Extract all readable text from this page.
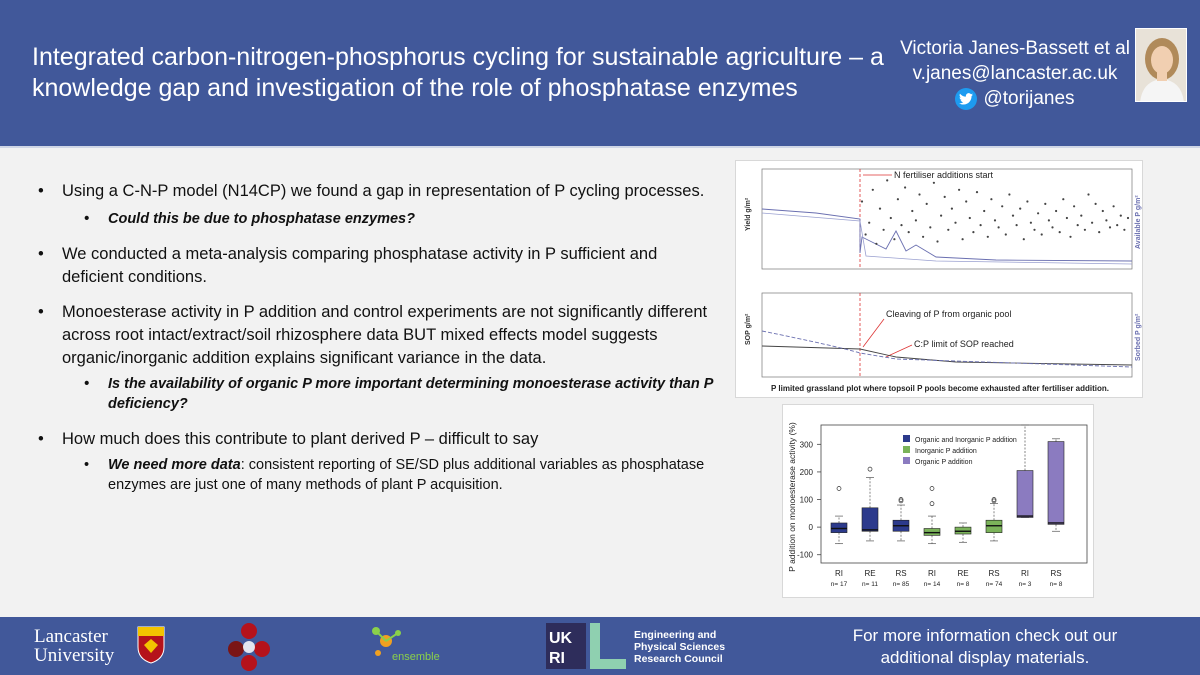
Integrated carbon-nitrogen-phosphorus cycling for sustainable agriculture – a knowledge gap and investigation of the role of phosphatase enzymes
Victoria Janes-Bassett et al
v.janes@lancaster.ac.uk
@torijanes
• Using a C-N-P model (N14CP) we found a gap in representation of P cycling processes.
• Could this be due to phosphatase enzymes?
• We conducted a meta-analysis comparing phosphatase activity in P sufficient and deficient conditions.
• Monoesterase activity in P addition and control experiments are not significantly different across root intact/extract/soil rhizosphere data BUT mixed effects model suggests organic/inorganic addition explains significant variance in the data.
• Is the availability of organic P more important determining monoesterase activity than P deficiency?
• How much does this contribute to plant derived P – difficult to say
• We need more data: consistent reporting of SE/SD plus additional variables as phosphatase enzymes are just one of many methods of plant P acquisition.
Yield g/m²	Available P g/m²
SOP g/m²	Sorbed P g/m²
N fertiliser additions start
Cleaving of P from organic pool
C:P limit of SOP reached
P limited grassland plot where topsoil P pools become exhausted after fertiliser addition.
P addition on monoesterase activity (%) 300
200
100
0
-100
RI
n= 17
RE
n= 11
RS
n= 85
RI
n= 14
RE
n= 8
RS
n= 74
RI
n= 3
RS
n= 8
Organic and Inorganic P addition
Inorganic P addition
Organic P addition
Lancaster
University	ensemble
UK
RI
Engineering and
Physical Sciences
Research Council
For more information check out our
additional display materials.
